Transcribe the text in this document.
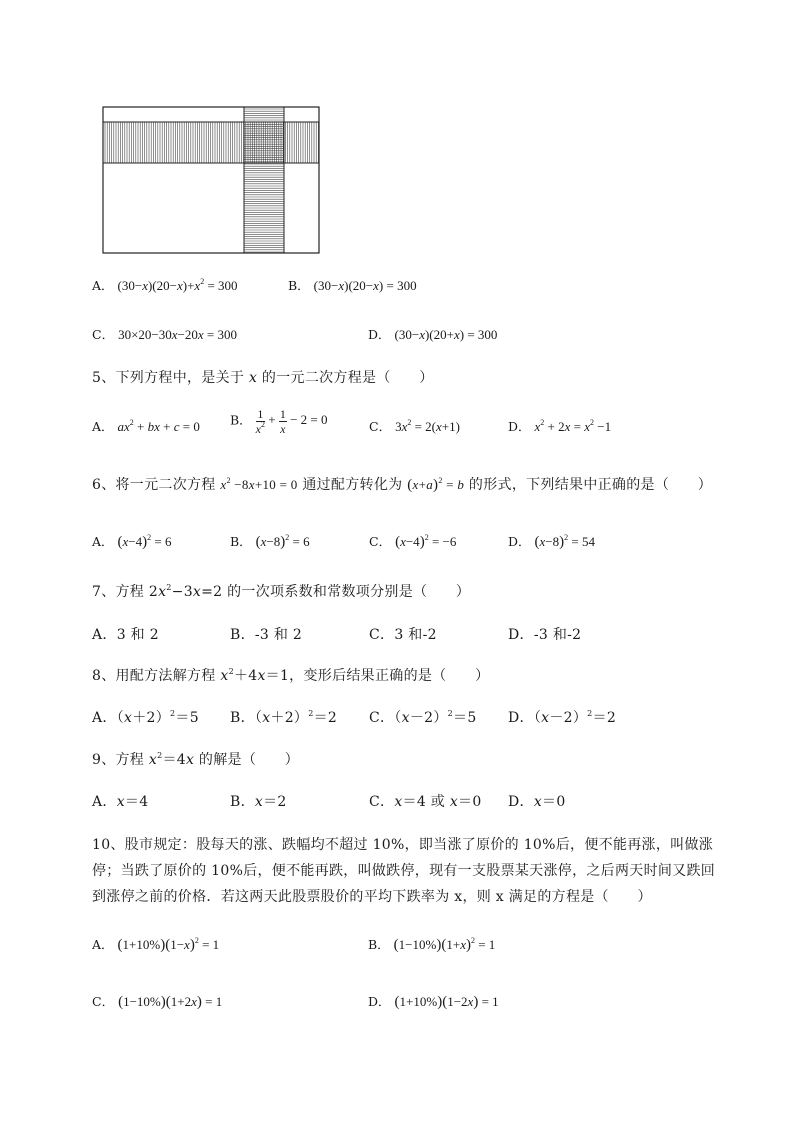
A． $(30-x)(20-x)+x^2 = 300$	B． (30−x)(20−x) = 300
C． 30×20−30x−20x = 300	D． (30−x)(20+x) = 300
5、下列方程中，是关于 x 的一元二次方程是（　　）
A． $ax^2$ + bx + c = 0 B． $\frac{1}{x^2} + \frac{1}{x} - 2 = 0$	C． $3x^2 = 2(x+1)$	D． $x^2 + 2x = x^2 -1$
6、将一元二次方程 $x^2 -8x+10 = 0$ 通过配方转化为 $(x+a)^2 = b$ 的形式，下列结果中正确的是（　　）
A． $(x-4)^2 = 6$	B． $(x-8)^2 = 6$	C． $(x-4)^2 = -6$	D． $(x-8)^2 = 54$
7、方程 $2x^2-3x=2$ 的一次项系数和常数项分别是（　　）
A．3 和 2	B．-3 和 2	C．3 和-2	D．-3 和-2
8、用配方法解方程 $x^2+4x=1$，变形后结果正确的是（　　）
A．$(x+2)^2=5$ B．$(x+2)^2=2$ C．$(x-2)^2=5$ D．$(x-2)^2=2$
9、方程 $x^2=4x$ 的解是（　　）
A．x＝4	B．x＝2	C．x＝4 或 x＝0 D．x＝0
10、股市规定：股每天的涨、跌幅均不超过 10%，即当涨了原价的 10%后，便不能再涨，叫做涨
停；当跌了原价的 10%后，便不能再跌，叫做跌停，现有一支股票某天涨停，之后两天时间又跌回
到涨停之前的价格．若这两天此股票股价的平均下跌率为 x，则 x 满足的方程是（　　）
A． $(1+10\%)(1-x)^2 = 1$	B． $(1-10\%)(1+x)^2 = 1$
C． (1−10%)(1+2x) = 1	D． (1+10%)(1−2x) = 1
